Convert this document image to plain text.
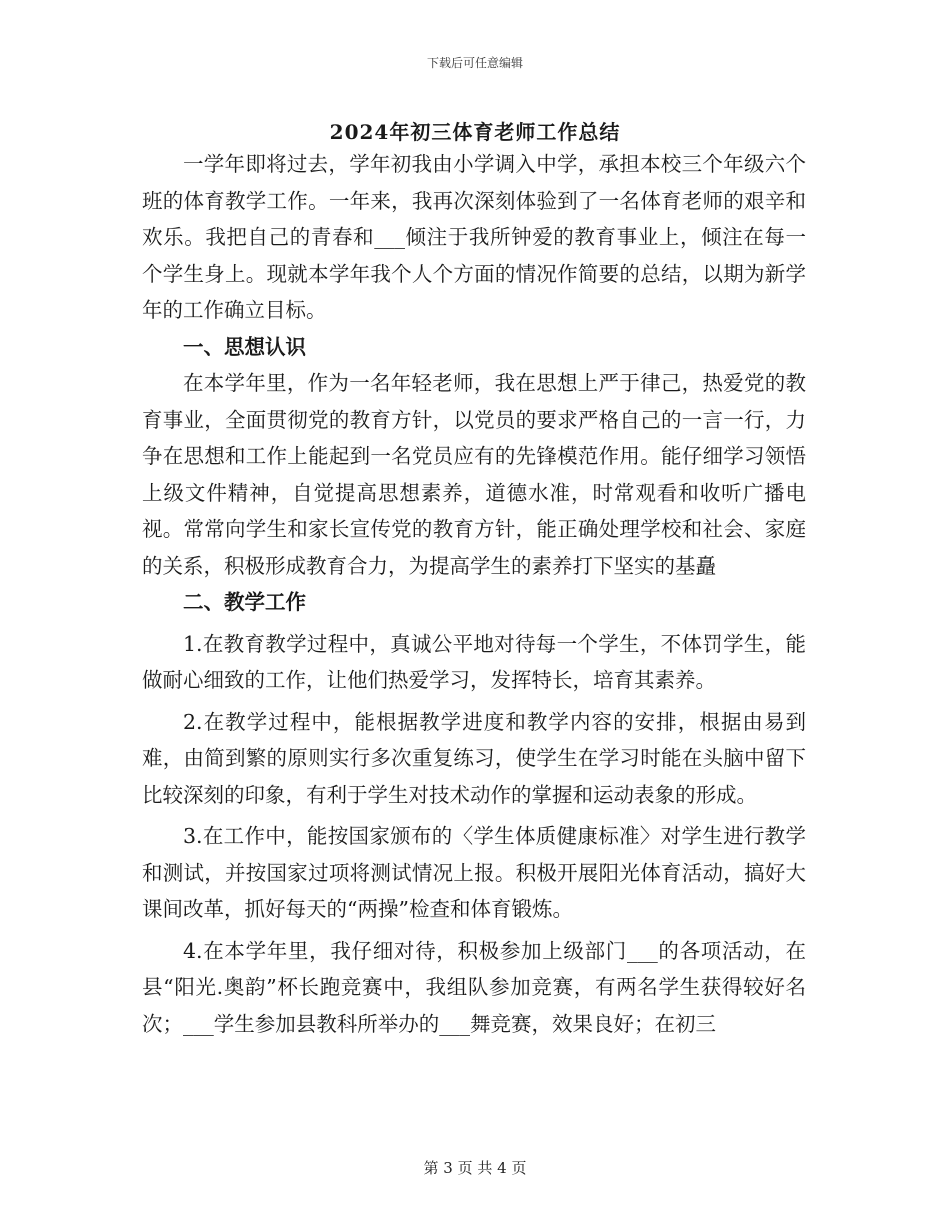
下载后可任意编辑
2024年初三体育老师工作总结

一学年即将过去，学年初我由小学调入中学，承担本校三个年级六个班的体育教学工作。一年来，我再次深刻体验到了一名体育老师的艰辛和欢乐。我把自己的青春和___倾注于我所钟爱的教育事业上，倾注在每一个学生身上。现就本学年我个人个方面的情况作简要的总结，以期为新学年的工作确立目标。

一、思想认识

在本学年里，作为一名年轻老师，我在思想上严于律己，热爱党的教育事业，全面贯彻党的教育方针，以党员的要求严格自己的一言一行，力争在思想和工作上能起到一名党员应有的先锋模范作用。能仔细学习领悟上级文件精神，自觉提高思想素养，道德水准，时常观看和收听广播电视。常常向学生和家长宣传党的教育方针，能正确处理学校和社会、家庭的关系，积极形成教育合力，为提高学生的素养打下坚实的基矗

二、教学工作

1.在教育教学过程中，真诚公平地对待每一个学生，不体罚学生，能做耐心细致的工作，让他们热爱学习，发挥特长，培育其素养。

2.在教学过程中，能根据教学进度和教学内容的安排，根据由易到难，由简到繁的原则实行多次重复练习，使学生在学习时能在头脑中留下比较深刻的印象，有利于学生对技术动作的掌握和运动表象的形成。

3.在工作中，能按国家颁布的〈学生体质健康标准〉对学生进行教学和测试，并按国家过项将测试情况上报。积极开展阳光体育活动，搞好大课间改革，抓好每天的“两操”检查和体育锻炼。

4.在本学年里，我仔细对待，积极参加上级部门___的各项活动，在县“阳光.奥韵”杯长跑竞赛中，我组队参加竞赛，有两名学生获得较好名次；___学生参加县教科所举办的___舞竞赛，效果良好；在初三

第 3 页 共 4 页
